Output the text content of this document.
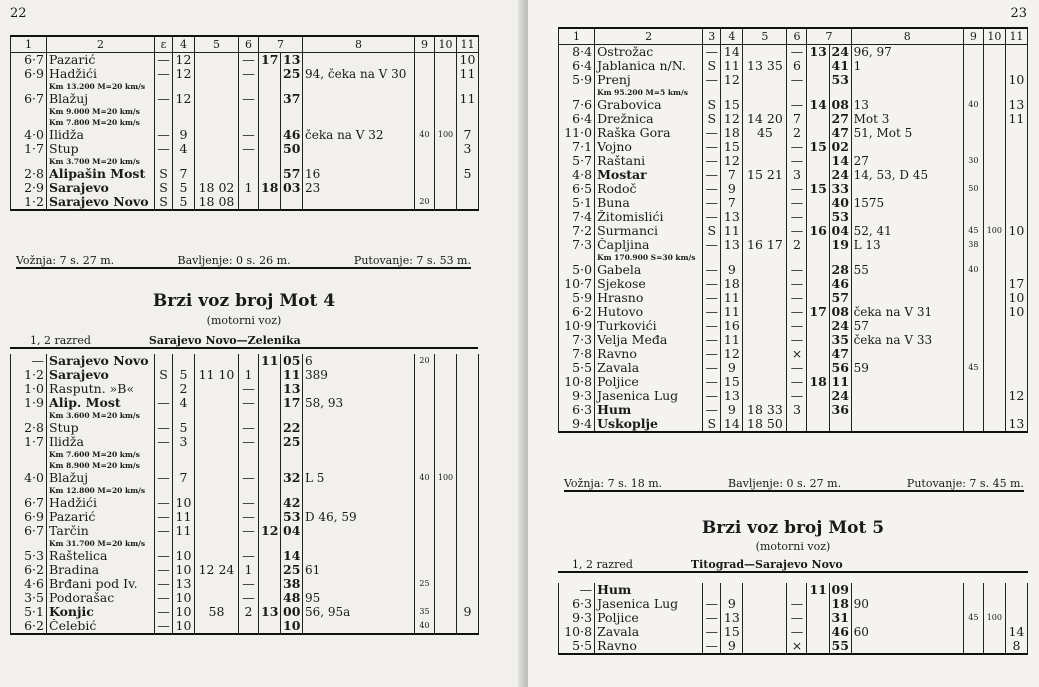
22
1	2	ε	4	5	6	7		8	9	10	11
6·7	Pazarić	—	12		—	17	13				10
6·9	Hadžići	—	12		—		25	94, čeka na V 30			11
	Km 13.200 M=20 km/s										
6·7	Blažuj	—	12		—		37				11
	Km 9.000 M=20 km/s										
	Km 7.800 M=20 km/s										
4·0	Ilidža	—	9		—		46	čeka na V 32	40	100	7
1·7	Stup	—	4		—		50				3
	Km 3.700 M=20 km/s										
2·8	Alipašin Most	S	7				57	16			5
2·9	Sarajevo	S	5	18 02	1	18	03	23			
1·2	Sarajevo Novo	S	5	18 08					20		
Vožnja: 7 s. 27 m.	Bavljenje: 0 s. 26 m.	Putovanje: 7 s. 53 m.
Brzi voz broj Mot 4
(motorni voz)
1, 2 razred	Sarajevo Novo—Zelenika
—	Sarajevo Novo					11	05	6	20		
1·2	Sarajevo	S	5	11 10	1		11	389			
1·0	Rasputn. »B«		2		—		13				
1·9	Alip. Most	—	4		—		17	58, 93			
	Km 3.600 M=20 km/s										
2·8	Stup	—	5		—		22				
1·7	Ilidža	—	3		—		25				
	Km 7.600 M=20 km/s										
	Km 8.900 M=20 km/s										
4·0	Blažuj	—	7		—		32	L 5	40	100	
	Km 12.800 M=20 km/s										
6·7	Hadžići	—	10		—		42				
6·9	Pazarić	—	11		—		53	D 46, 59			
6·7	Tarčin	—	11		—	12	04				
	Km 31.700 M=20 km/s										
5·3	Raštelica	—	10		—		14				
6·2	Bradina	—	10	12 24	1		25	61			
4·6	Brđani pod Iv.	—	13		—		38		25		
3·5	Podorašac	—	10		—		48	95			
5·1	Konjic	—	10	58	2	13	00	56, 95a	35		9
6·2	Čelebić	—	10				10		40		
23
1	2	3	4	5	6	7		8	9	10	11
8·4	Ostrožac	—	14		—	13	24	96, 97			
6·4	Jablanica n/N.	S	11	13 35	6		41	1			
5·9	Prenj	—	12		—		53				10
	Km 95.200 M=5 km/s										
7·6	Grabovica	S	15		—	14	08	13	40		13
6·4	Drežnica	S	12	14 20	7		27	Mot 3			11
11·0	Raška Gora	—	18	45	2		47	51, Mot 5			
7·1	Vojno	—	15		—	15	02				
5·7	Raštani	—	12		—		14	27	30		
4·8	Mostar	—	7	15 21	3		24	14, 53, D 45			
6·5	Rodoč	—	9		—	15	33		50		
5·1	Buna	—	7		—		40	1575			
7·4	Žitomislići	—	13		—		53				
7·2	Surmanci	S	11		—	16	04	52, 41	45	100	10
7·3	Čapljina	—	13	16 17	2		19	L 13	38		
	Km 170.900 S=30 km/s										
5·0	Gabela	—	9		—		28	55	40		
10·7	Sjekose	—	18		—		46				17
5·9	Hrasno	—	11		—		57				10
6·2	Hutovo	—	11		—	17	08	čeka na V 31			10
10·9	Turkovići	—	16		—		24	57			
7·3	Velja Međa	—	11		—		35	čeka na V 33			
7·8	Ravno	—	12		×		47				
5·5	Zavala	—	9		—		56	59	45		
10·8	Poljice	—	15		—	18	11				
9·3	Jasenica Lug	—	13		—		24				12
6·3	Hum	—	9	18 33	3		36				
9·4	Uskoplje	S	14	18 50							13
Vožnja: 7 s. 18 m.	Bavljenje: 0 s. 27 m.	Putovanje: 7 s. 45 m.
Brzi voz broj Mot 5
(motorni voz)
1, 2 razred	Titograd—Sarajevo Novo
—	Hum					11	09				
6·3	Jasenica Lug	—	9		—		18	90			
9·3	Poljice	—	13		—		31		45	100	
10·8	Zavala	—	15		—		46	60			14
5·5	Ravno	—	9		×		55				8
